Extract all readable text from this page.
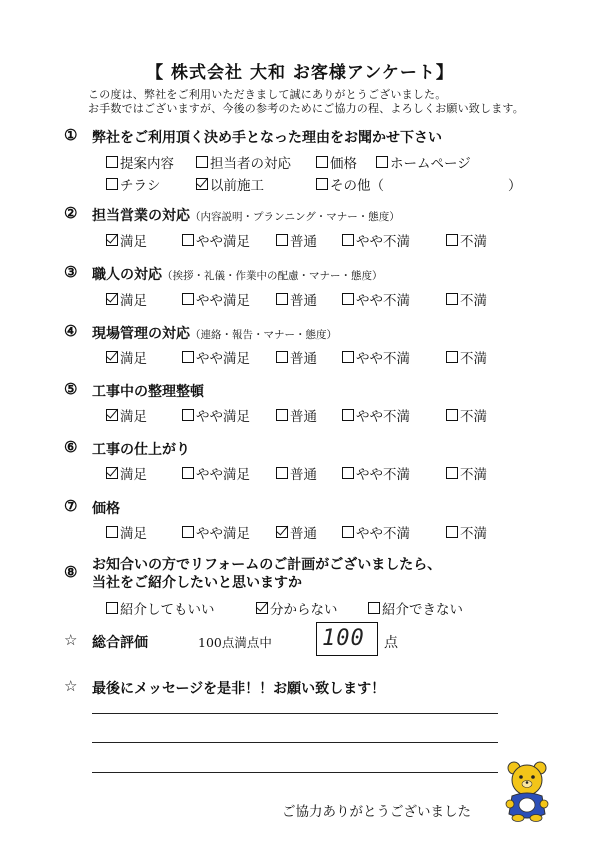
【 株式会社 大和 お客様アンケート】
この度は、弊社をご利用いただきまして誠にありがとうございました。
お手数ではございますが、今後の参考のためにご協力の程、よろしくお願い致します。
① 弊社をご利用頂く決め手となった理由をお聞かせ下さい
提案内容	担当者の対応	価格 ホームページ
チラシ	以前施工	その他（	）
② 担当営業の対応（内容説明・プランニング・マナー・態度）
満足	やや満足	普通	やや不満	不満
③ 職人の対応（挨拶・礼儀・作業中の配慮・マナー・態度）
満足	やや満足	普通	やや不満	不満
④ 現場管理の対応（連絡・報告・マナー・態度）
満足	やや満足	普通	やや不満	不満
⑤ 工事中の整理整頓
満足	やや満足	普通	やや不満	不満
⑥ 工事の仕上がり
満足	やや満足	普通	やや不満	不満
⑦ 価格
満足	やや満足	普通	やや不満	不満
⑧ お知合いの方でリフォームのご計画がございましたら、
当社をご紹介したいと思いますか
紹介してもいい	分からない	紹介できない
☆ 総合評価	100点満点中 100 点
☆ 最後にメッセージを是非！！お願い致します！
ご協力ありがとうございました
